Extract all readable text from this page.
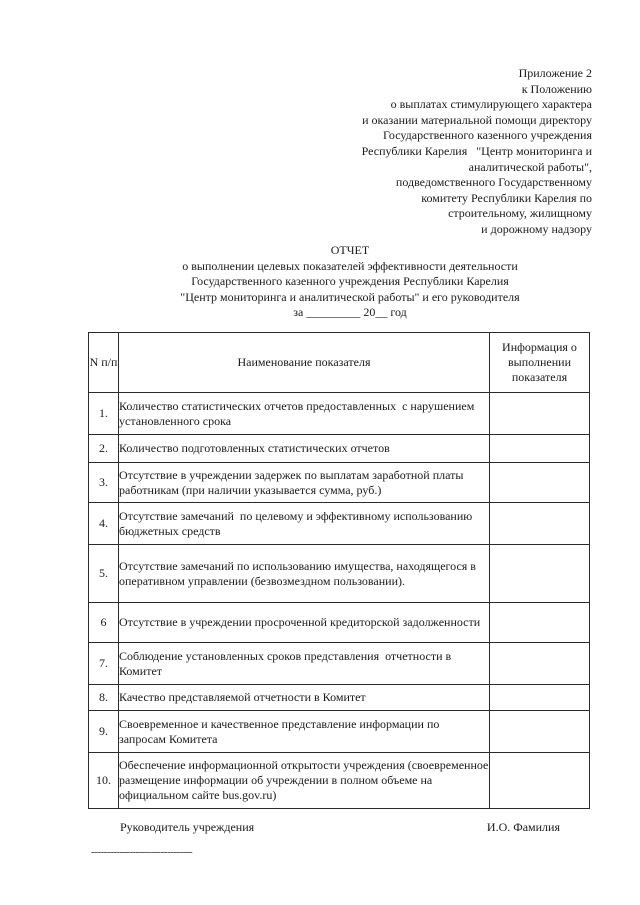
Приложение 2
к Положению
о выплатах стимулирующего характера
и оказании материальной помощи директору
Государственного казенного учреждения
Республики Карелия   "Центр мониторинга и
аналитической работы",
подведомственного Государственному
комитету Республики Карелия по
строительному, жилищному
и дорожному надзору
ОТЧЕТ
о выполнении целевых показателей эффективности деятельности
Государственного казенного учреждения Республики Карелия
"Центр мониторинга и аналитической работы" и его руководителя
за _________ 20__ год
N п/п	Наименование показателя	Информация о выполнении показателя
1.	Количество статистических отчетов предоставленных  с нарушением установленного срока	
2.	Количество подготовленных статистических отчетов	
3.	Отсутствие в учреждении задержек по выплатам заработной платы работникам (при наличии указывается сумма, руб.)	
4.	Отсутствие замечаний  по целевому и эффективному использованию бюджетных средств	
5.	Отсутствие замечаний по использованию имущества, находящегося в оперативном управлении (безвозмездном пользовании).	
6	Отсутствие в учреждении просроченной кредиторской задолженности	
7.	Соблюдение установленных сроков представления  отчетности в Комитет	
8.	Качество представляемой отчетности в Комитет	
9.	Своевременное и качественное представление информации по запросам Комитета	
10.	Обеспечение информационной открытости учреждения (своевременное размещение информации об учреждении в полном объеме на официальном сайте bus.gov.ru)	
Руководитель учреждения	И.О. Фамилия
--------------------------------
